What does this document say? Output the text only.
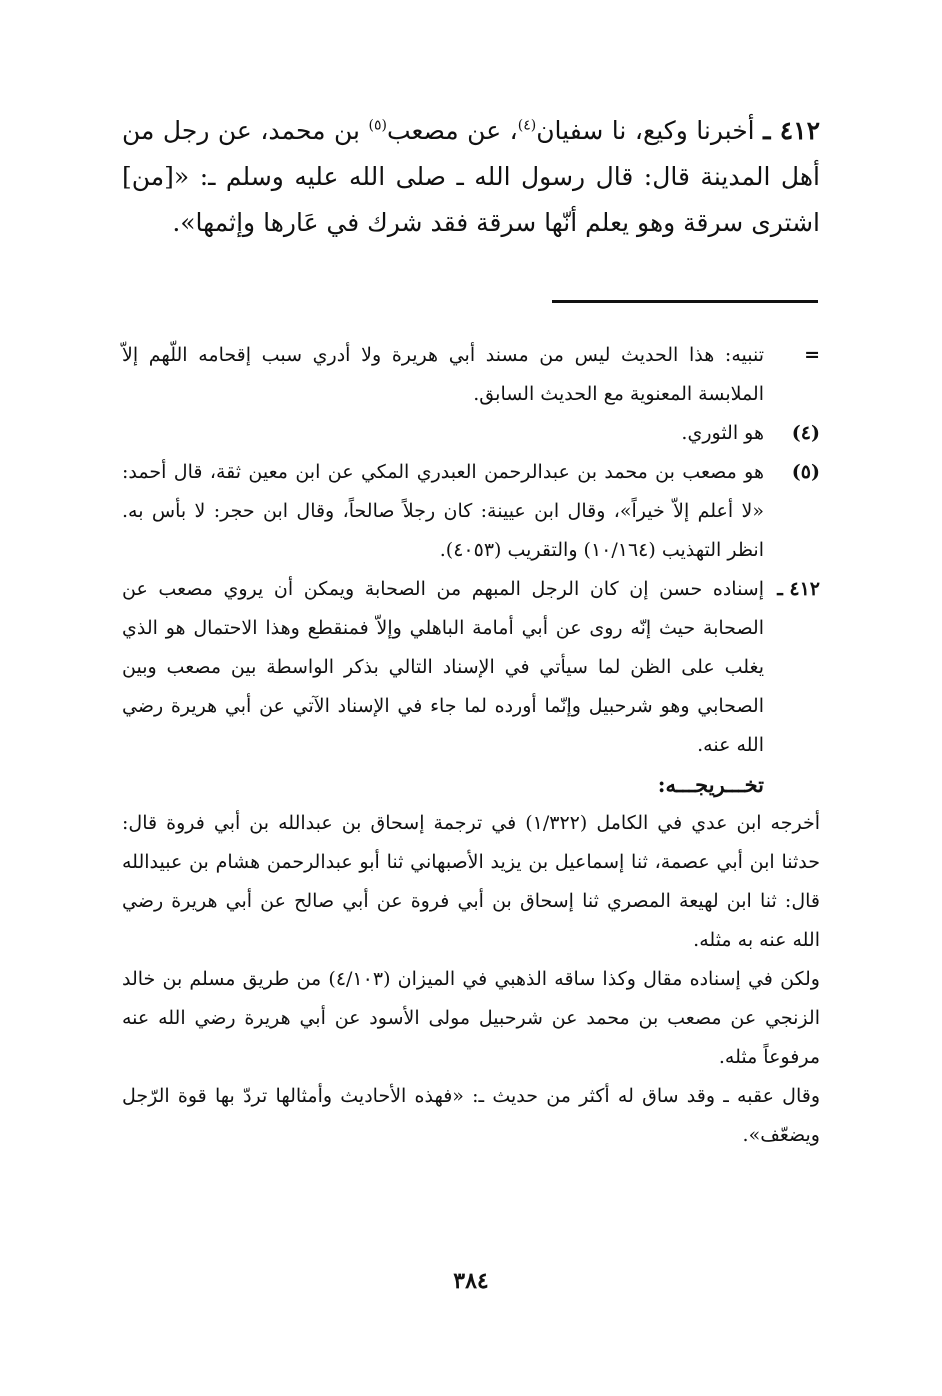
٤١٢ ـ أخبرنا وكيع، نا سفيان$^{(٤)}$، عن مصعب$^{(٥)}$ بن محمد، عن رجل من أهل المدينة قال: قال رسول الله ـ صلى الله عليه وسلم ـ: «[من] اشترى سرقة وهو يعلم أنّها سرقة فقد شرك في عَارها وإثمها».
=
تنبيه: هذا الحديث ليس من مسند أبي هريرة ولا أدري سبب إقحامه اللّهم إلاّ الملابسة المعنوية مع الحديث السابق.
(٤)
هو الثوري.
(٥)
هو مصعب بن محمد بن عبدالرحمن العبدري المكي عن ابن معين ثقة، قال أحمد: «لا أعلم إلاّ خيراً»، وقال ابن عيينة: كان رجلاً صالحاً، وقال ابن حجر: لا بأس به. انظر التهذيب (١٠/١٦٤) والتقريب (٤٠٥٣).
٤١٢ ـ
إسناده حسن إن كان الرجل المبهم من الصحابة ويمكن أن يروي مصعب عن الصحابة حيث إنّه روى عن أبي أمامة الباهلي وإلاّ فمنقطع وهذا الاحتمال هو الذي يغلب على الظن لما سيأتي في الإسناد التالي بذكر الواسطة بين مصعب وبين الصحابي وهو شرحبيل وإنّما أورده لما جاء في الإسناد الآتي عن أبي هريرة رضي الله عنه.
تخـــريجـــه:

أخرجه ابن عدي في الكامل (١/٣٢٢) في ترجمة إسحاق بن عبدالله بن أبي فروة قال: حدثنا ابن أبي عصمة، ثنا إسماعيل بن يزيد الأصبهاني ثنا أبو عبدالرحمن هشام بن عبيدالله قال: ثنا ابن لهيعة المصري ثنا إسحاق بن أبي فروة عن أبي صالح عن أبي هريرة رضي الله عنه به مثله.

ولكن في إسناده مقال وكذا ساقه الذهبي في الميزان (٤/١٠٣) من طريق مسلم بن خالد الزنجي عن مصعب بن محمد عن شرحبيل مولى الأسود عن أبي هريرة رضي الله عنه مرفوعاً مثله.

وقال عقبه ـ وقد ساق له أكثر من حديث ـ: «فهذه الأحاديث وأمثالها تردّ بها قوة الرّجل ويضعّف».

٣٨٤
